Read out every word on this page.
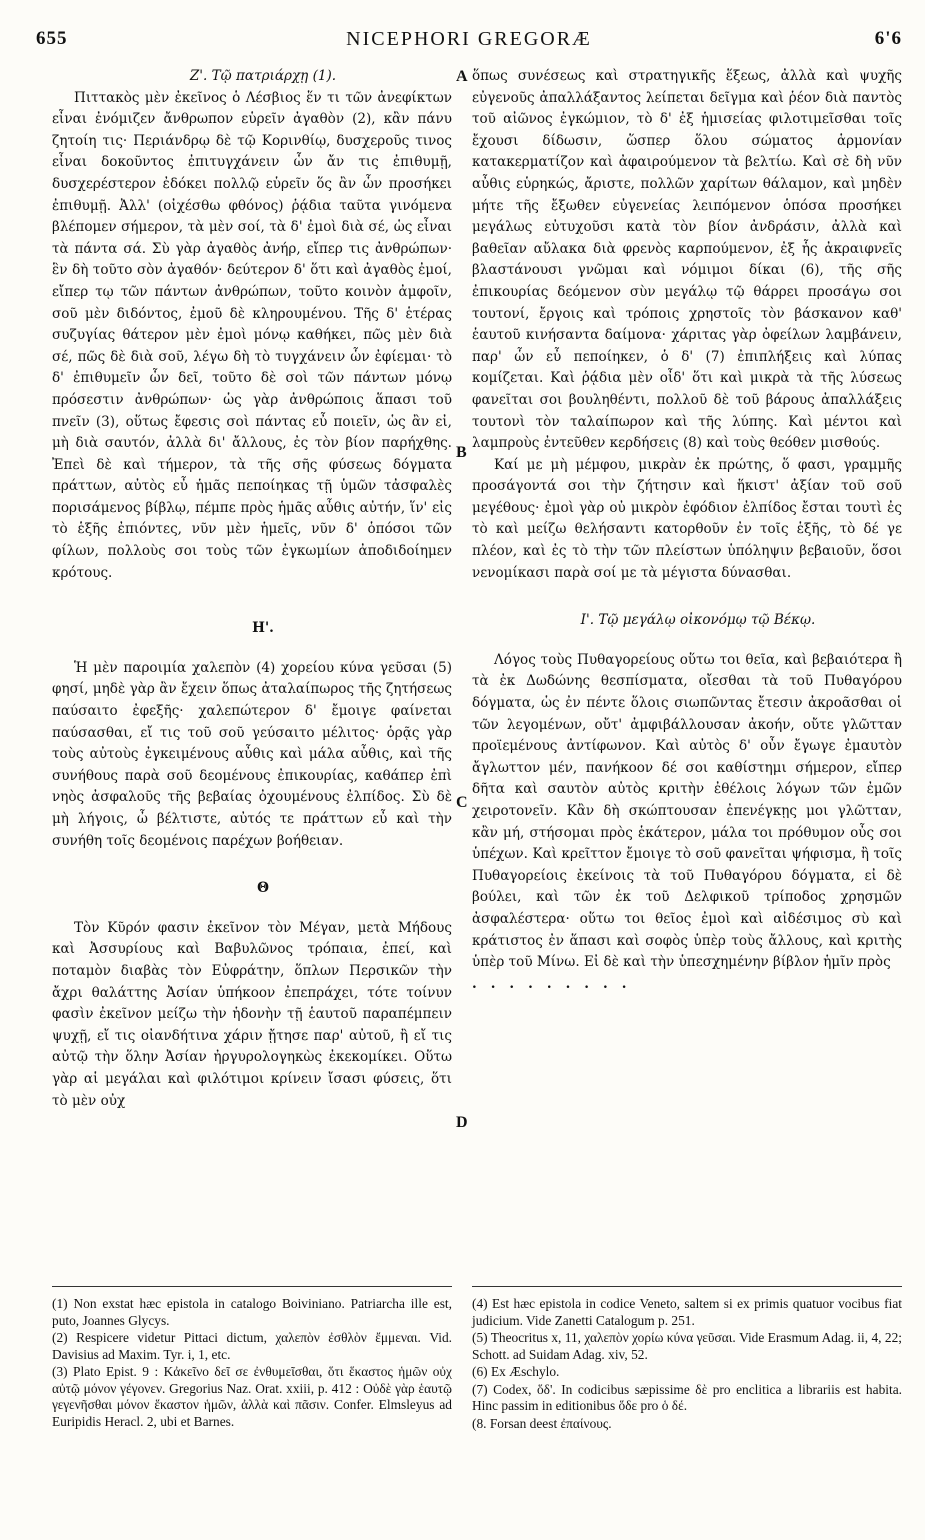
655	NICEPHORI GREGORÆ	6'6
A
B
C
D

Ζ'. Τῷ πατριάρχῃ (1).

Πιττακὸς μὲν ἐκεῖνος ὁ Λέσβιος ἕν τι τῶν ἀνεφίκτων εἶναι ἐνόμιζεν ἄνθρωπον εὑρεῖν ἀγαθὸν (2), κἂν πάνυ ζητοίη τις· Περιάνδρῳ δὲ τῷ Κορινθίῳ, δυσχεροῦς τινος εἶναι δοκοῦντος ἐπιτυγχάνειν ὧν ἄν τις ἐπιθυμῇ, δυσχερέστερον ἐδόκει πολλῷ εὑρεῖν ὅς ἂν ὧν προσήκει ἐπιθυμῇ. Ἀλλ' (οἰχέσθω φθόνος) ῥᾴδια ταῦτα γινόμενα βλέπομεν σήμερον, τὰ μὲν σοί, τὰ δ' ἐμοὶ διὰ σέ, ὡς εἶναι τὰ πάντα σά. Σὺ γὰρ ἀγαθὸς ἀνήρ, εἴπερ τις ἀνθρώπων· ἓν δὴ τοῦτο σὸν ἀγαθόν· δεύτερον δ' ὅτι καὶ ἀγαθὸς ἐμοί, εἴπερ τῳ τῶν πάντων ἀνθρώπων, τοῦτο κοινὸν ἀμφοῖν, σοῦ μὲν διδόντος, ἐμοῦ δὲ κληρουμένου. Τῆς δ' ἑτέρας συζυγίας θάτερον μὲν ἐμοὶ μόνῳ καθήκει, πῶς μὲν διὰ σέ, πῶς δὲ διὰ σοῦ, λέγω δὴ τὸ τυγχάνειν ὧν ἐφίεμαι· τὸ δ' ἐπιθυμεῖν ὧν δεῖ, τοῦτο δὲ σοὶ τῶν πάντων μόνῳ πρόσεστιν ἀνθρώπων· ὡς γὰρ ἀνθρώποις ἅπασι τοῦ πνεῖν (3), οὕτως ἔφεσις σοὶ πάντας εὖ ποιεῖν, ὡς ἂν εἰ, μὴ διὰ σαυτόν, ἀλλὰ δι' ἄλλους, ἐς τὸν βίον παρήχθης. Ἐπεὶ δὲ καὶ τήμερον, τὰ τῆς σῆς φύσεως δόγματα πράττων, αὐτὸς εὖ ἡμᾶς πεποίηκας τῇ ὑμῶν τἀσφαλὲς πορισάμενος βίβλῳ, πέμπε πρὸς ἡμᾶς αὖθις αὐτήν, ἵν' εἰς τὸ ἑξῆς ἐπιόντες, νῦν μὲν ἡμεῖς, νῦν δ' ὁπόσοι τῶν φίλων, πολλοὺς σοι τοὺς τῶν ἐγκωμίων ἀποδιδοίημεν κρότους.

Η'.

Ἡ μὲν παροιμία χαλεπὸν (4) χορείου κύνα γεῦσαι (5) φησί, μηδὲ γὰρ ἂν ἔχειν ὅπως ἀταλαίπωρος τῆς ζητήσεως παύσαιτο ἐφεξῆς· χαλεπώτερον δ' ἔμοιγε φαίνεται παύσασθαι, εἴ τις τοῦ σοῦ γεύσαιτο μέλιτος· ὁρᾷς γὰρ τοὺς αὐτοὺς ἐγκειμένους αὖθις καὶ μάλα αὖθις, καὶ τῆς συνήθους παρὰ σοῦ δεομένους ἐπικουρίας, καθάπερ ἐπὶ νηὸς ἀσφαλοῦς τῆς βεβαίας ὀχουμένους ἐλπίδος. Σὺ δὲ μὴ λήγοις, ὦ βέλτιστε, αὐτός τε πράττων εὖ καὶ τὴν συνήθη τοῖς δεομένοις παρέχων βοήθειαν.

Θ

Τὸν Κῦρόν φασιν ἐκεῖνον τὸν Μέγαν, μετὰ Μήδους καὶ Ἀσσυρίους καὶ Βαβυλῶνος τρόπαια, ἐπεί, καὶ ποταμὸν διαβὰς τὸν Εὐφράτην, ὅπλων Περσικῶν τὴν ἄχρι θαλάττης Ἀσίαν ὑπήκοον ἐπεπράχει, τότε τοίνυν φασὶν ἐκεῖνον μείζω τὴν ἡδονὴν τῇ ἑαυτοῦ παραπέμπειν ψυχῇ, εἴ τις οἰανδήτινα χάριν ᾔτησε παρ' αὐτοῦ, ἢ εἴ τις αὐτῷ τὴν ὅλην Ἀσίαν ἠργυρολογηκὼς ἐκεκομίκει. Οὕτω γὰρ αἱ μεγάλαι καὶ φιλότιμοι κρίνειν ἴσασι φύσεις, ὅτι τὸ μὲν οὐχ

ὅπως συνέσεως καὶ στρατηγικῆς ἕξεως, ἀλλὰ καὶ ψυχῆς εὐγενοῦς ἀπαλλάξαντος λείπεται δεῖγμα καὶ ῥέον διὰ παντὸς τοῦ αἰῶνος ἐγκώμιον, τὸ δ' ἐξ ἡμισείας φιλοτιμεῖσθαι τοῖς ἔχουσι δίδωσιν, ὥσπερ ὅλου σώματος ἁρμονίαν κατακερματίζον καὶ ἀφαιρούμενον τὰ βελτίω. Καὶ σὲ δὴ νῦν αὖθις εὑρηκώς, ἄριστε, πολλῶν χαρίτων θάλαμον, καὶ μηδὲν μήτε τῆς ἔξωθεν εὐγενείας λειπόμενον ὁπόσα προσήκει μεγάλως εὐτυχοῦσι κατὰ τὸν βίον ἀνδράσιν, ἀλλὰ καὶ βαθεῖαν αὔλακα διὰ φρενὸς καρπούμενον, ἐξ ἧς ἀκραιφνεῖς βλαστάνουσι γνῶμαι καὶ νόμιμοι δίκαι (6), τῆς σῆς ἐπικουρίας δεόμενον σὺν μεγάλῳ τῷ θάρρει προσάγω σοι τουτονί, ἔργοις καὶ τρόποις χρηστοῖς τὸν βάσκανον καθ' ἑαυτοῦ κινήσαντα δαίμονα· χάριτας γὰρ ὀφείλων λαμβάνειν, παρ' ὧν εὖ πεποίηκεν, ὁ δ' (7) ἐπιπλήξεις καὶ λύπας κομίζεται. Καὶ ῥᾴδια μὲν οἶδ' ὅτι καὶ μικρὰ τὰ τῆς λύσεως φανεῖται σοι βουληθέντι, πολλοῦ δὲ τοῦ βάρους ἀπαλλάξεις τουτονὶ τὸν ταλαίπωρον καὶ τῆς λύπης. Καὶ μέντοι καὶ λαμπροὺς ἐντεῦθεν κερδήσεις (8) καὶ τοὺς θεόθεν μισθούς.

Καί με μὴ μέμφου, μικρὰν ἐκ πρώτης, ὅ φασι, γραμμῆς προσάγοντά σοι τὴν ζήτησιν καὶ ἥκιστ' ἀξίαν τοῦ σοῦ μεγέθους· ἐμοὶ γὰρ οὐ μικρὸν ἐφόδιον ἐλπίδος ἔσται τουτὶ ἐς τὸ καὶ μείζω θελήσαντι κατορθοῦν ἐν τοῖς ἑξῆς, τὸ δέ γε πλέον, καὶ ἐς τὸ τὴν τῶν πλείστων ὑπόληψιν βεβαιοῦν, ὅσοι νενομίκασι παρὰ σοί με τὰ μέγιστα δύνασθαι.

Ι'. Τῷ μεγάλῳ οἰκονόμῳ τῷ Βέκῳ.

Λόγος τοὺς Πυθαγορείους οὕτω τοι θεῖα, καὶ βεβαιότερα ἢ τὰ ἐκ Δωδώνης θεσπίσματα, οἴεσθαι τὰ τοῦ Πυθαγόρου δόγματα, ὡς ἐν πέντε ὅλοις σιωπῶντας ἔτεσιν ἀκροᾶσθαι οἱ τῶν λεγομένων, οὔτ' ἀμφιβάλλουσαν ἀκοήν, οὔτε γλῶτταν προϊεμένους ἀντίφωνον. Καὶ αὐτὸς δ' οὖν ἔγωγε ἐμαυτὸν ἄγλωττον μέν, πανήκοον δέ σοι καθίστημι σήμερον, εἴπερ δῆτα καὶ σαυτὸν αὐτὸς κριτὴν ἐθέλοις λόγων τῶν ἐμῶν χειροτονεῖν. Κἂν δὴ σκώπτουσαν ἐπενέγκῃς μοι γλῶτταν, κἂν μή, στήσομαι πρὸς ἑκάτερον, μάλα τοι πρόθυμον οὖς σοι ὑπέχων. Καὶ κρεῖττον ἔμοιγε τὸ σοῦ φανεῖται ψήφισμα, ἢ τοῖς Πυθαγορείοις ἐκείνοις τὰ τοῦ Πυθαγόρου δόγματα, εἰ δὲ βούλει, καὶ τῶν ἐκ τοῦ Δελφικοῦ τρίποδος χρησμῶν ἀσφαλέστερα· οὕτω τοι θεῖος ἐμοὶ καὶ αἰδέσιμος σὺ καὶ κράτιστος ἐν ἅπασι καὶ σοφὸς ὑπὲρ τοὺς ἄλλους, καὶ κριτὴς ὑπὲρ τοῦ Μίνω. Εἰ δὲ καὶ τὴν ὑπεσχημένην βίβλον ἡμῖν πρὸς

.........

(1) Non exstat hæc epistola in catalogo Boiviniano. Patriarcha ille est, puto, Joannes Glycys.

(2) Respicere videtur Pittaci dictum, χαλεπὸν ἐσθλὸν ἔμμεναι. Vid. Davisius ad Maxim. Tyr. i, 1, etc.

(3) Plato Epist. 9 : Κἀκεῖνο δεῖ σε ἐνθυμεῖσθαι, ὅτι ἕκαστος ἡμῶν οὐχ αὐτῷ μόνον γέγονεν. Gregorius Naz. Orat. xxiii, p. 412 : Οὐδὲ γὰρ ἑαυτῷ γεγενῆσθαι μόνον ἕκαστον ἡμῶν, ἀλλὰ καὶ πᾶσιν. Confer. Elmsleyus ad Euripidis Heracl. 2, ubi et Barnes.

(4) Est hæc epistola in codice Veneto, saltem si ex primis quatuor vocibus fiat judicium. Vide Zanetti Catalogum p. 251.

(5) Theocritus x, 11, χαλεπὸν χορίω κύνα γεῦσαι. Vide Erasmum Adag. ii, 4, 22; Schott. ad Suidam Adag. xiv, 52.

(6) Ex Æschylo.

(7) Codex, ὅδ'. In codicibus sæpissime δὲ pro enclitica a librariis est habita. Hinc passim in editionibus ὅδε pro ὁ δέ.

(8. Forsan deest ἐπαίνους.
